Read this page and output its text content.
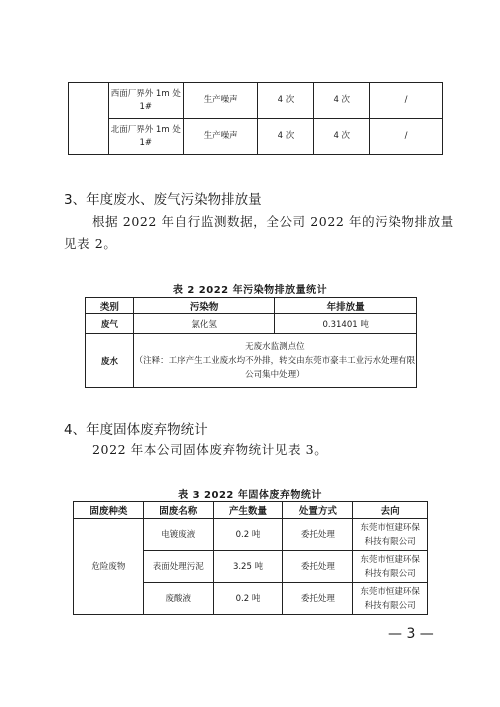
	西面厂界外 1m 处 1#	生产噪声	4 次	4 次	/
	北面厂界外 1m 处 1#	生产噪声	4 次	4 次	/
3、年度废水、废气污染物排放量
根据 2022 年自行监测数据，全公司 2022 年的污染物排放量
见表 2。
表 2 2022 年污染物排放量统计
类别	污染物	年排放量
废气	氯化氢	0.31401 吨
废水	无废水监测点位
（注释：工序产生工业废水均不外排，转交由东莞市豪丰工业污水处理有限
公司集中处理）	
4、年度固体废弃物统计
2022 年本公司固体废弃物统计见表 3。
表 3 2022 年固体废弃物统计
固废种类	固废名称	产生数量	处置方式	去向
危险废物	电镀废液	0.2 吨	委托处理	东莞市恒建环保
科技有限公司

	表面处理污泥	3.25 吨	委托处理	东莞市恒建环保
科技有限公司

	废酸液	0.2 吨	委托处理	东莞市恒建环保
科技有限公司
— 3 —
